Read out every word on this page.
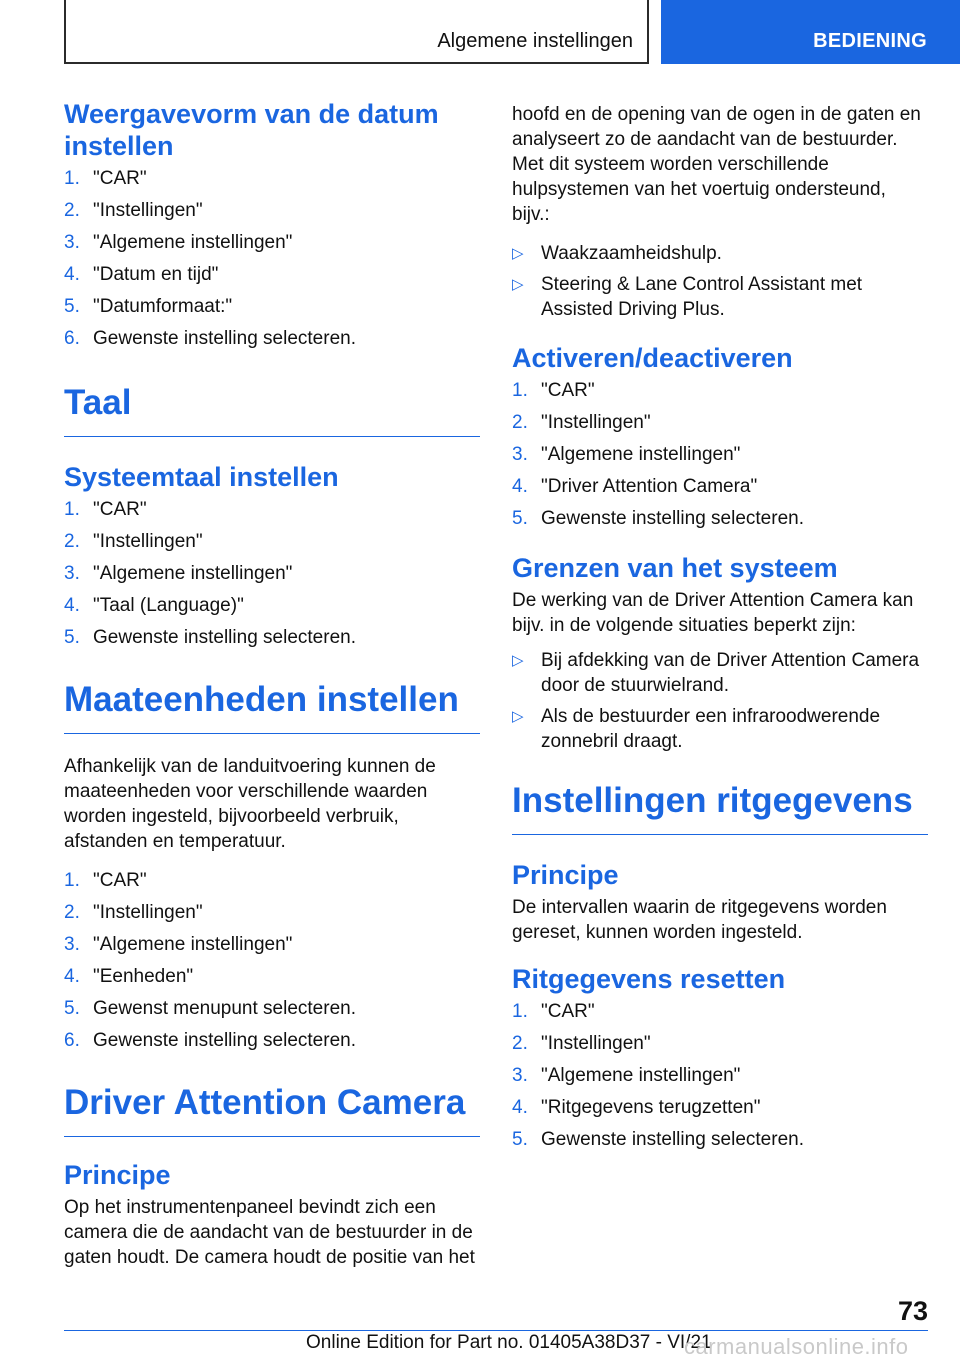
Algemene instellingen	BEDIENING
Weergavevorm van de datum instellen
1. "CAR"
2. "Instellingen"
3. "Algemene instellingen"
4. "Datum en tijd"
5. "Datumformaat:"
6. Gewenste instelling selecteren.
Taal
Systeemtaal instellen
1. "CAR"
2. "Instellingen"
3. "Algemene instellingen"
4. "Taal (Language)"
5. Gewenste instelling selecteren.
Maateenheden instellen

Afhankelijk van de landuitvoering kunnen de maateenheden voor verschillende waarden worden ingesteld, bijvoorbeeld verbruik, afstanden en temperatuur.

1. "CAR"
2. "Instellingen"
3. "Algemene instellingen"
4. "Eenheden"
5. Gewenst menupunt selecteren.
6. Gewenste instelling selecteren.
Driver Attention Camera
Principe

Op het instrumentenpaneel bevindt zich een camera die de aandacht van de bestuurder in de gaten houdt. De camera houdt de positie van het

hoofd en de opening van de ogen in de gaten en analyseert zo de aandacht van de bestuurder. Met dit systeem worden verschillende hulpsystemen van het voertuig ondersteund, bijv.:

▷ Waakzaamheidshulp.
▷ Steering & Lane Control Assistant met Assisted Driving Plus.
Activeren/deactiveren
1. "CAR"
2. "Instellingen"
3. "Algemene instellingen"
4. "Driver Attention Camera"
5. Gewenste instelling selecteren.
Grenzen van het systeem

De werking van de Driver Attention Camera kan bijv. in de volgende situaties beperkt zijn:

▷ Bij afdekking van de Driver Attention Camera door de stuurwielrand.
▷ Als de bestuurder een infraroodwerende zonnebril draagt.
Instellingen ritgegevens
Principe

De intervallen waarin de ritgegevens worden gereset, kunnen worden ingesteld.

Ritgegevens resetten
1. "CAR"
2. "Instellingen"
3. "Algemene instellingen"
4. "Ritgegevens terugzetten"
5. Gewenste instelling selecteren.
73
Online Edition for Part no. 01405A38D37 - VI/21
carmanualsonline.info
